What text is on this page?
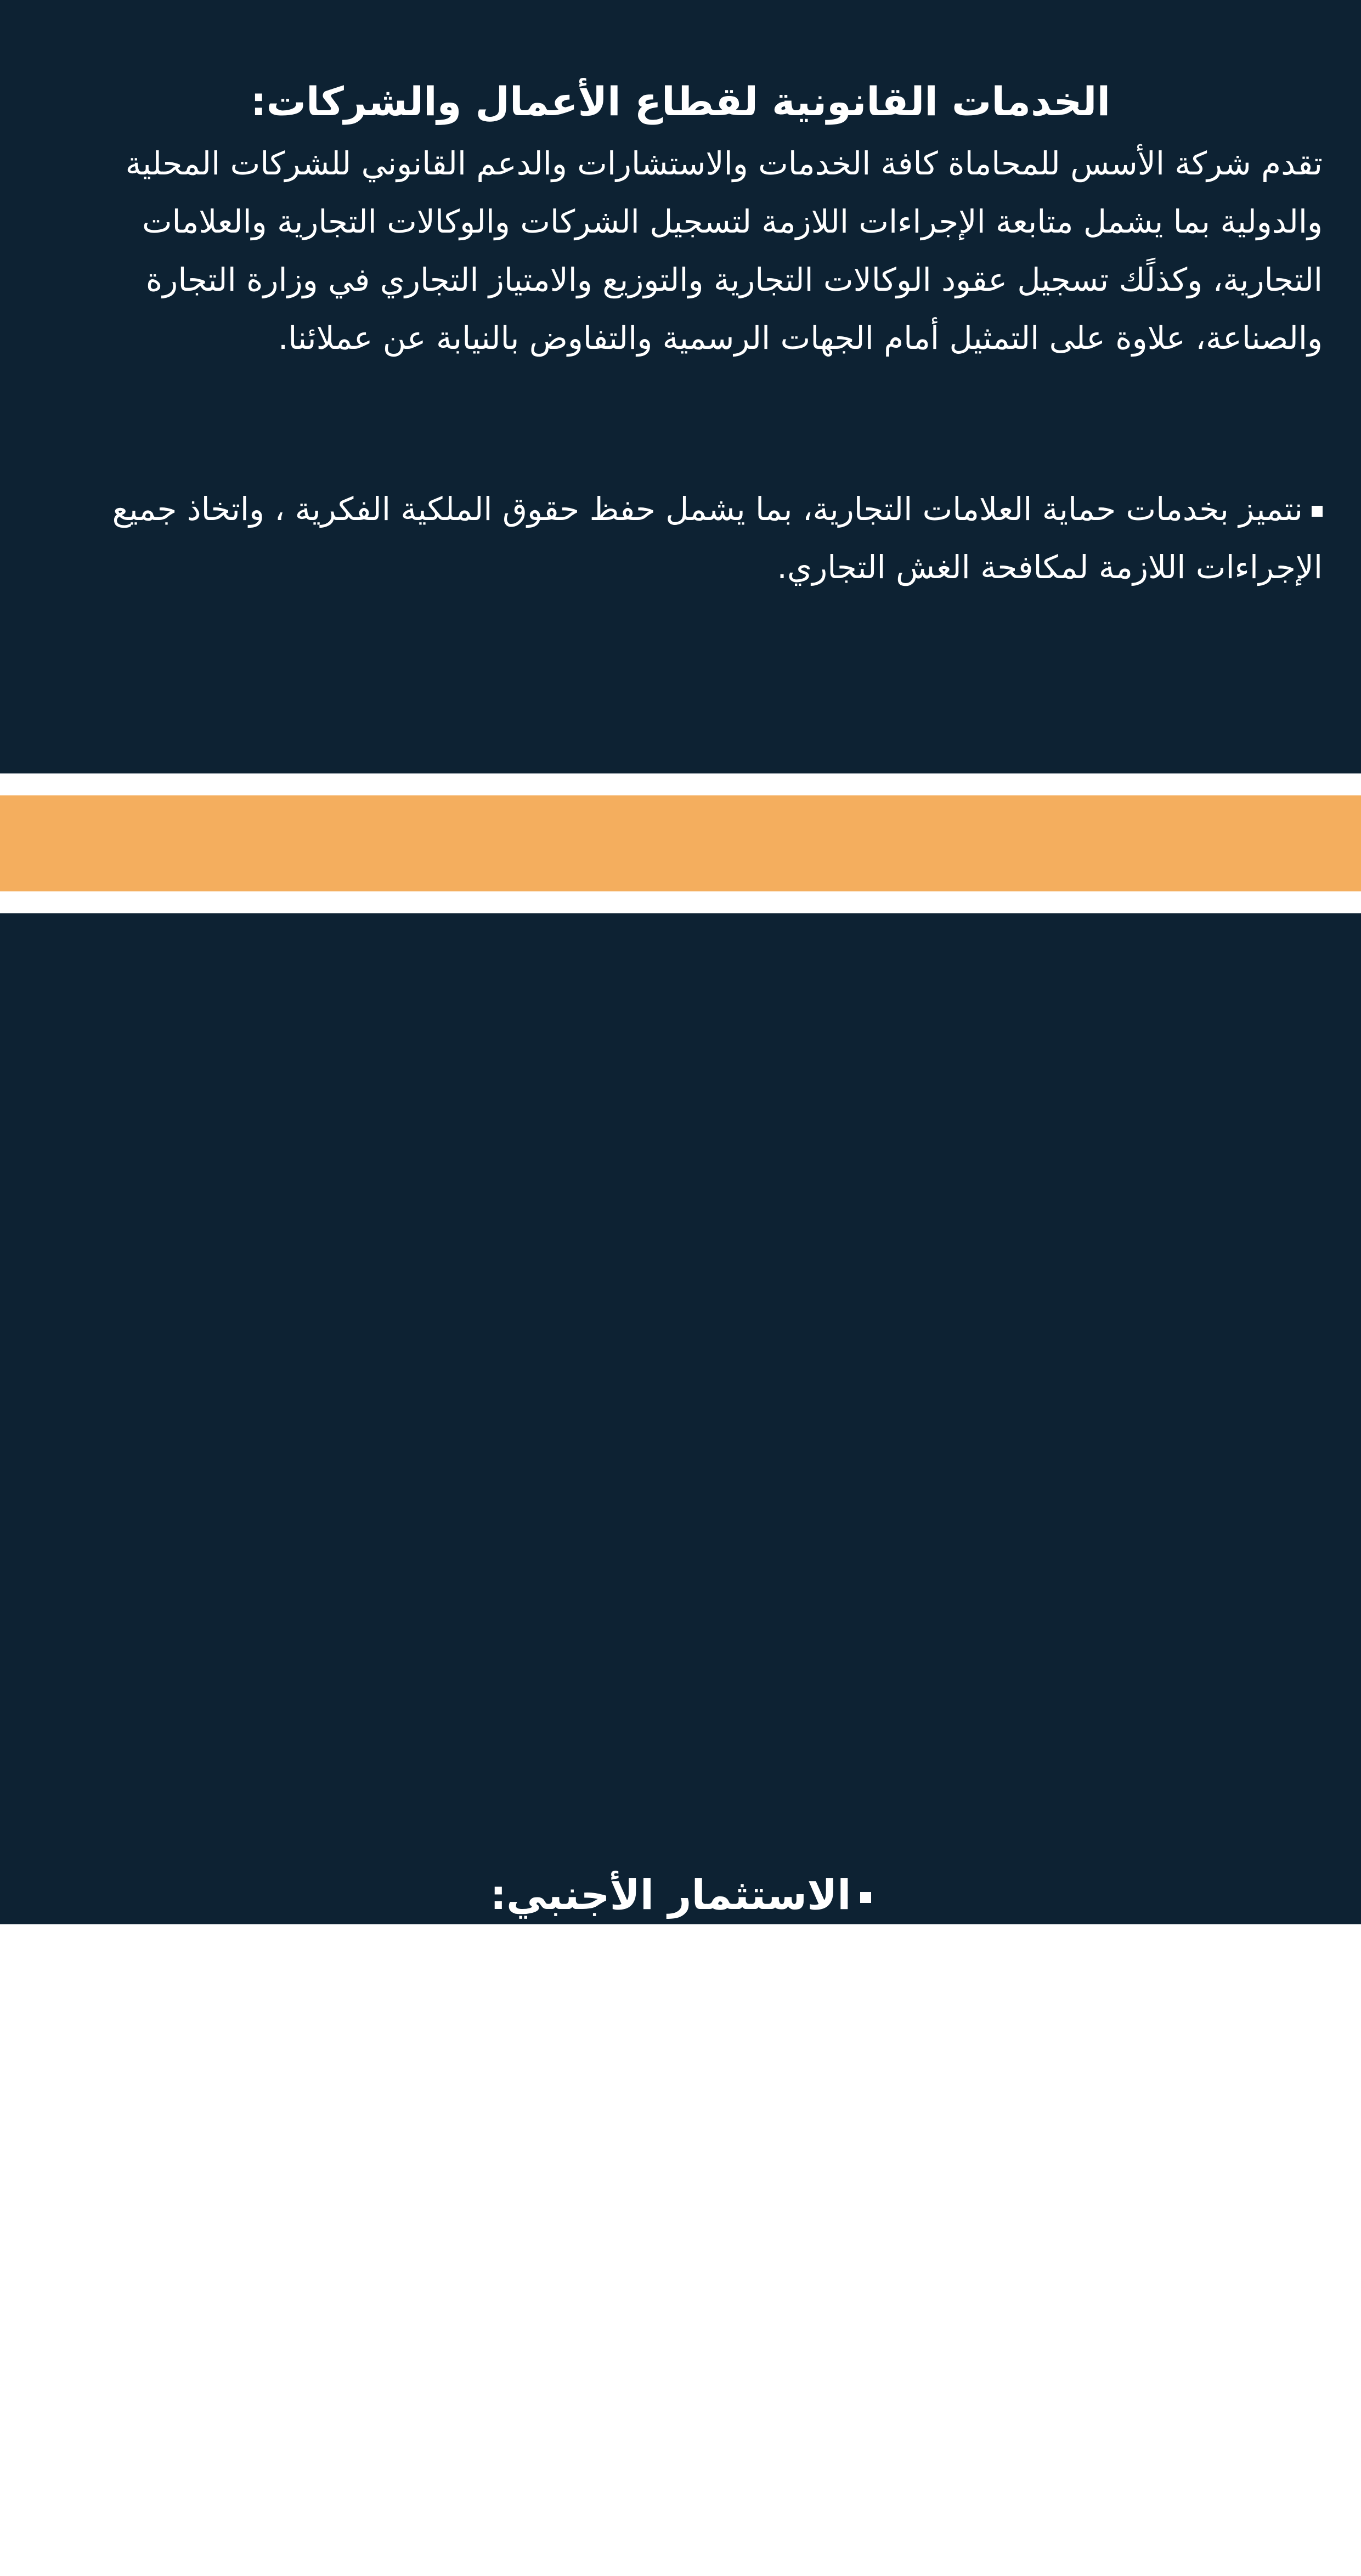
الخدمات القانونية لقطاع الأعمال والشركات:

تقدم شركة الأسس للمحاماة كافة الخدمات والاستشارات والدعم القانوني للشركات المحلية والدولية بما يشمل متابعة الإجراءات اللازمة لتسجيل الشركات والوكالات التجارية والعلامات التجارية، وكذلًك تسجيل عقود الوكالات التجارية والتوزيع والامتياز التجاري في وزارة التجارة والصناعة، علاوة على التمثيل أمام الجهات الرسمية والتفاوض بالنيابة عن عملائنا.

نتميز بخدمات حماية العلامات التجارية، بما يشمل حفظ حقوق الملكية الفكرية ، واتخاذ جميع الإجراءات اللازمة لمكافحة الغش التجاري.

الاستثمار الأجنبي:

-تقدم الشركة المشورة القانونية للمستثمرين الأجانب الراغبين في اصدار رخصة استثمار بالمملكة العربية السعودية من حيث الأنظمة المتبعة ومن حيث مقدار رأس المال ونوعه والضريبة المفروضة وبيان حقوق المستثمر واقتراح الحلول القانونية لمعالجة أي إشكالات قانونية قد تواجهه مستقبلًا.

-كما تقدم العمل على تسهيل استخراج رخصة مستثمر للأجانب في فترة قصيرة بعد توفير كل المتطلبات القانونية .

-تعمل الشركة على صياغة عقود الاستثمار الأجنبي والمشاركة سواء كان مشروعاً أجنبياً كاملًا أو مختلطاً.

-لدينا القدرة على استخراج كافة التراخيص المصاحبة لرخصة المستثمر الأجنبي ونقوم بتسجيل الشركات الأجنبية أو المختلطة وإصدار عقود التأسيس والملاحق وتعديلها وإصدار السجلات التجارية .

-خدمة تمثيل المنشأة سواء كانت شركة أو مؤسسة أجنبية تقوم بها شركة الأسس للمحاماة بعد صدور رخصة الاستثمار ويكون التمثيل القانوني للمنشأة في شؤونها أمام الغير مقابل رسوم سنوية .

-لدينا فريق متخصص في تأسيس الشركات الأجنبية في المملكة العربية السعودية، ونقدم باقات متكاملة من الخدمات، بما في ذلك تسجيلات العلامات التجارية وصفقات الاستثمار والمفاوضات.
